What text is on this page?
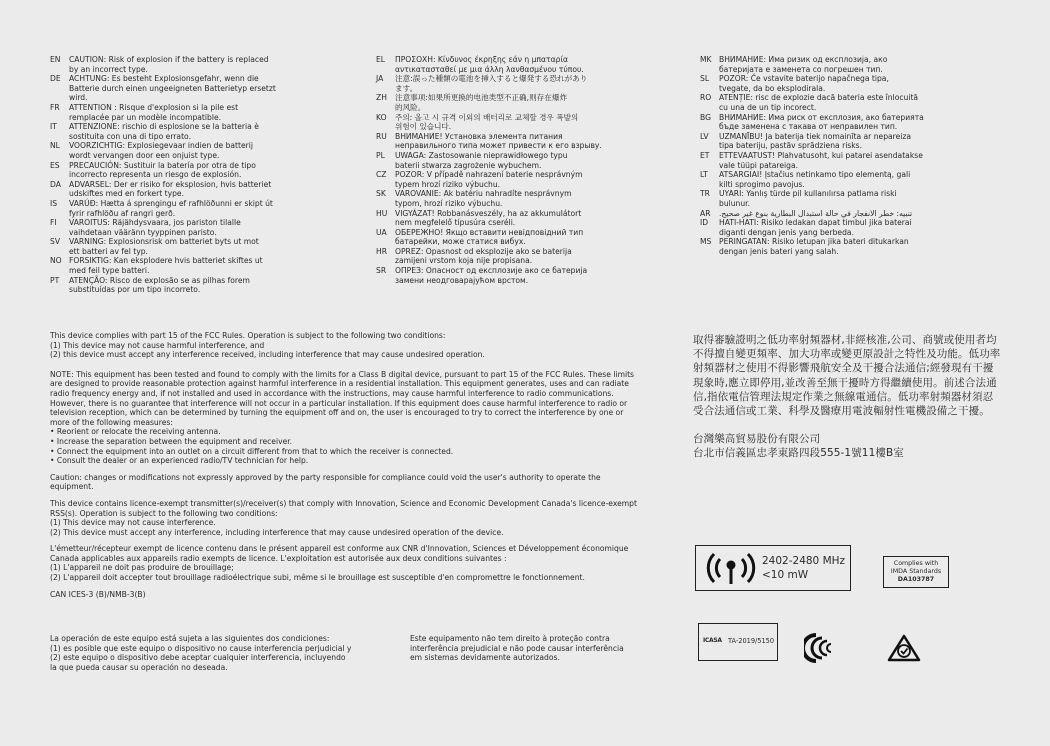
EN	CAUTION: Risk of explosion if the battery is replaced
by an incorrect type.
DE	ACHTUNG: Es besteht Explosionsgefahr, wenn die
Batterie durch einen ungeeigneten Batterietyp ersetzt
wird.
FR	ATTENTION : Risque d'explosion si la pile est
remplacée par un modèle incompatible.
IT	ATTENZIONE: rischio di esplosione se la batteria è
sostituita con una di tipo errato.
NL	VOORZICHTIG: Explosiegevaar indien de batterij
wordt vervangen door een onjuist type.
ES	PRECAUCIÓN: Sustituir la batería por otra de tipo
incorrecto representa un riesgo de explosión.
DA	ADVARSEL: Der er risiko for eksplosion, hvis batteriet
udskiftes med en forkert type.
IS	VARÚÐ: Hætta á sprengingu ef rafhlöðunni er skipt út
fyrir rafhlöðu af rangri gerð.
FI	VAROITUS: Räjähdysvaara, jos pariston tilalle
vaihdetaan vääränn tyyppinen paristo.
SV	VARNING: Explosionsrisk om batteriet byts ut mot
ett batteri av fel typ.
NO FORSIKTIG: Kan eksplodere hvis batteriet skiftes ut
med feil type batteri.
PT	ATENÇÃO: Risco de explosão se as pilhas forem
substituídas por um tipo incorreto.
EL	ΠΡΟΣΟΧΗ: Κίνδυνος έκρηξης εάν η μπαταρία
αντικατασταθεί με μια άλλη λανθασμένου τύπου.
JA	注意:誤った種類の電池を挿入すると爆発する恐れがあり
ます。
ZH	注意事项:如果所更换的电池类型不正确,则存在爆炸
的风险。
KO	주의: 올고 시 규격 이외의 배터리로 교체할 경우 폭발의
위험이 있습니다.
RU	ВНИМАНИЕ! Установка элемента питания
неправильного типа может привести к его взрыву.
PL	UWAGA: Zastosowanie nieprawidłowego typu
baterii stwarza zagrożenie wybuchem.
CZ	POZOR: V případě nahrazení baterie nesprávným
typem hrozí riziko výbuchu.
SK	VAROVANIE: Ak batériu nahradíte nesprávnym
typom, hrozí riziko výbuchu.
HU	VIGYÁZAT! Robbanásveszély, ha az akkumulátort
nem megfelelő típusúra cseréli.
UA	ОБЕРЕЖНО! Якщо вставити невідповідний тип
батарейки, може статися вибух.
HR	OPREZ: Opasnost od eksplozije ako se baterija
zamijeni vrstom koja nije propisana.
SR	ОПРЕЗ: Опасност од експлозије ако се батерија
замени неодговарајућом врстом.
MK ВНИМАНИЕ: Има ризик од експлозија, ако
батеријата е заменета со погрешен тип.
SL	POZOR: Če vstavite baterijo napačnega tipa,
tvegate, da bo eksplodirala.
RO	ATENȚIE: risc de explozie dacă bateria este înlocuită
cu una de un tip incorect.
BG	ВНИМАНИЕ: Има риск от експлозия, ако батерията
бъде заменена с такава от неправилен тип.
LV	UZMANĪBU! Ja baterija tiek nomainīta ar nepareiza
tipa bateriju, pastāv sprādziena risks.
ET	ETTEVAATUST! Plahvatusoht, kui patarei asendatakse
vale tüüpi patareiga.
LT	ATSARGIAI! Įstačius netinkamo tipo elementą, gali
kilti sprogimo pavojus.
TR	UYARI: Yanlış türde pil kullanılırsa patlama riski
bulunur.
AR	تنبيه: خطر الانفجار في حالة استبدال البطارية بنوع غير صحيح.
ID	HATI-HATI: Risiko ledakan dapat timbul jika baterai
diganti dengan jenis yang berbeda.
MS	PERINGATAN: Risiko letupan jika bateri ditukarkan
dengan jenis bateri yang salah.

This device complies with part 15 of the FCC Rules. Operation is subject to the following two conditions:
(1) This device may not cause harmful interference, and
(2) this device must accept any interference received, including interference that may cause undesired operation.

NOTE: This equipment has been tested and found to comply with the limits for a Class B digital device, pursuant to part 15 of the FCC Rules. These limits
are designed to provide reasonable protection against harmful interference in a residential installation. This equipment generates, uses and can radiate
radio frequency energy and, if not installed and used in accordance with the instructions, may cause harmful interference to radio communications.
However, there is no guarantee that interference will not occur in a particular installation. If this equipment does cause harmful interference to radio or
television reception, which can be determined by turning the equipment off and on, the user is encouraged to try to correct the interference by one or
more of the following measures:
• Reorient or relocate the receiving antenna.
• Increase the separation between the equipment and receiver.
• Connect the equipment into an outlet on a circuit different from that to which the receiver is connected.
• Consult the dealer or an experienced radio/TV technician for help.

Caution: changes or modifications not expressly approved by the party responsible for compliance could void the user's authority to operate the
equipment.

This device contains licence-exempt transmitter(s)/receiver(s) that comply with Innovation, Science and Economic Development Canada's licence-exempt
RSS(s). Operation is subject to the following two conditions:
(1) This device may not cause interference.
(2) This device must accept any interference, including interference that may cause undesired operation of the device.

L'émetteur/récepteur exempt de licence contenu dans le présent appareil est conforme aux CNR d'Innovation, Sciences et Développement économique
Canada applicables aux appareils radio exempts de licence. L'exploitation est autorisée aux deux conditions suivantes :
(1) L'appareil ne doit pas produire de brouillage;
(2) L'appareil doit accepter tout brouillage radioélectrique subi, même si le brouillage est susceptible d'en compromettre le fonctionnement.

CAN ICES-3 (B)/NMB-3(B)

取得審驗證明之低功率射頻器材,非經核准,公司、商號或使用者均不得擅自變更頻率、加大功率或變更原設計之特性及功能。低功率射頻器材之使用不得影響飛航安全及干擾合法通信;經發現有干擾現象時,應立即停用,並改善至無干擾時方得繼續使用。前述合法通信,指依電信管理法規定作業之無線電通信。低功率射頻器材須忍受合法通信或工業、科學及醫療用電波輻射性電機設備之干擾。

台灣樂高貿易股份有限公司

台北市信義區忠孝東路四段555-1號11樓B室

2402-2480 MHz
<10 mW
Complies with
IMDA Standards
DA103787
ICASA TA-2019/5150
La operación de este equipo está sujeta a las siguientes dos condiciones:
(1) es posible que este equipo o dispositivo no cause interferencia perjudicial y
(2) este equipo o dispositivo debe aceptar cualquier interferencia, incluyendo
la que pueda causar su operación no deseada.
Este equipamento não tem direito à proteção contra
interferência prejudicial e não pode causar interferência
em sistemas devidamente autorizados.
